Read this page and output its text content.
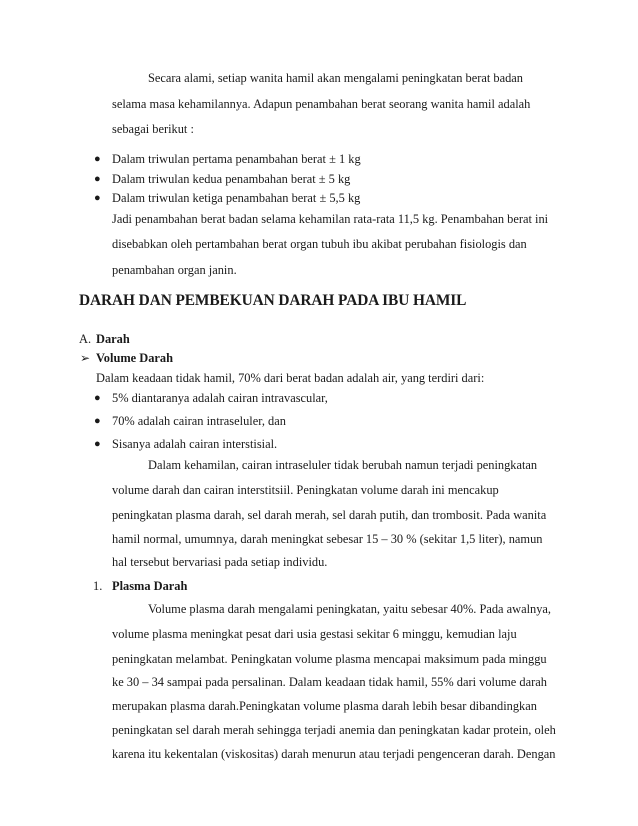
Secara alami, setiap wanita hamil akan mengalami peningkatan berat badan
selama masa kehamilannya. Adapun penambahan berat seorang wanita hamil adalah
sebagai berikut :
● Dalam triwulan pertama penambahan berat ± 1 kg
● Dalam triwulan kedua penambahan berat ± 5 kg
● Dalam triwulan ketiga penambahan berat ± 5,5 kg
Jadi penambahan berat badan selama kehamilan rata-rata 11,5 kg. Penambahan berat ini
disebabkan oleh pertambahan berat organ tubuh ibu akibat perubahan fisiologis dan
penambahan organ janin.
DARAH DAN PEMBEKUAN DARAH PADA IBU HAMIL
A. Darah
➢ Volume Darah
Dalam keadaan tidak hamil, 70% dari berat badan adalah air, yang terdiri dari:
● 5% diantaranya adalah cairan intravascular,
● 70% adalah cairan intraseluler, dan
● Sisanya adalah cairan interstisial.
Dalam kehamilan, cairan intraseluler tidak berubah namun terjadi peningkatan
volume darah dan cairan interstitsiil. Peningkatan volume darah ini mencakup
peningkatan plasma darah, sel darah merah, sel darah putih, dan trombosit. Pada wanita
hamil normal, umumnya, darah meningkat sebesar 15 – 30 % (sekitar 1,5 liter), namun
hal tersebut bervariasi pada setiap individu.
1. Plasma Darah
Volume plasma darah mengalami peningkatan, yaitu sebesar 40%. Pada awalnya,
volume plasma meningkat pesat dari usia gestasi sekitar 6 minggu, kemudian laju
peningkatan melambat. Peningkatan volume plasma mencapai maksimum pada minggu
ke 30 – 34 sampai pada persalinan. Dalam keadaan tidak hamil, 55% dari volume darah
merupakan plasma darah.Peningkatan volume plasma darah lebih besar dibandingkan
peningkatan sel darah merah sehingga terjadi anemia dan peningkatan kadar protein, oleh
karena itu kekentalan (viskositas) darah menurun atau terjadi pengenceran darah. Dengan
